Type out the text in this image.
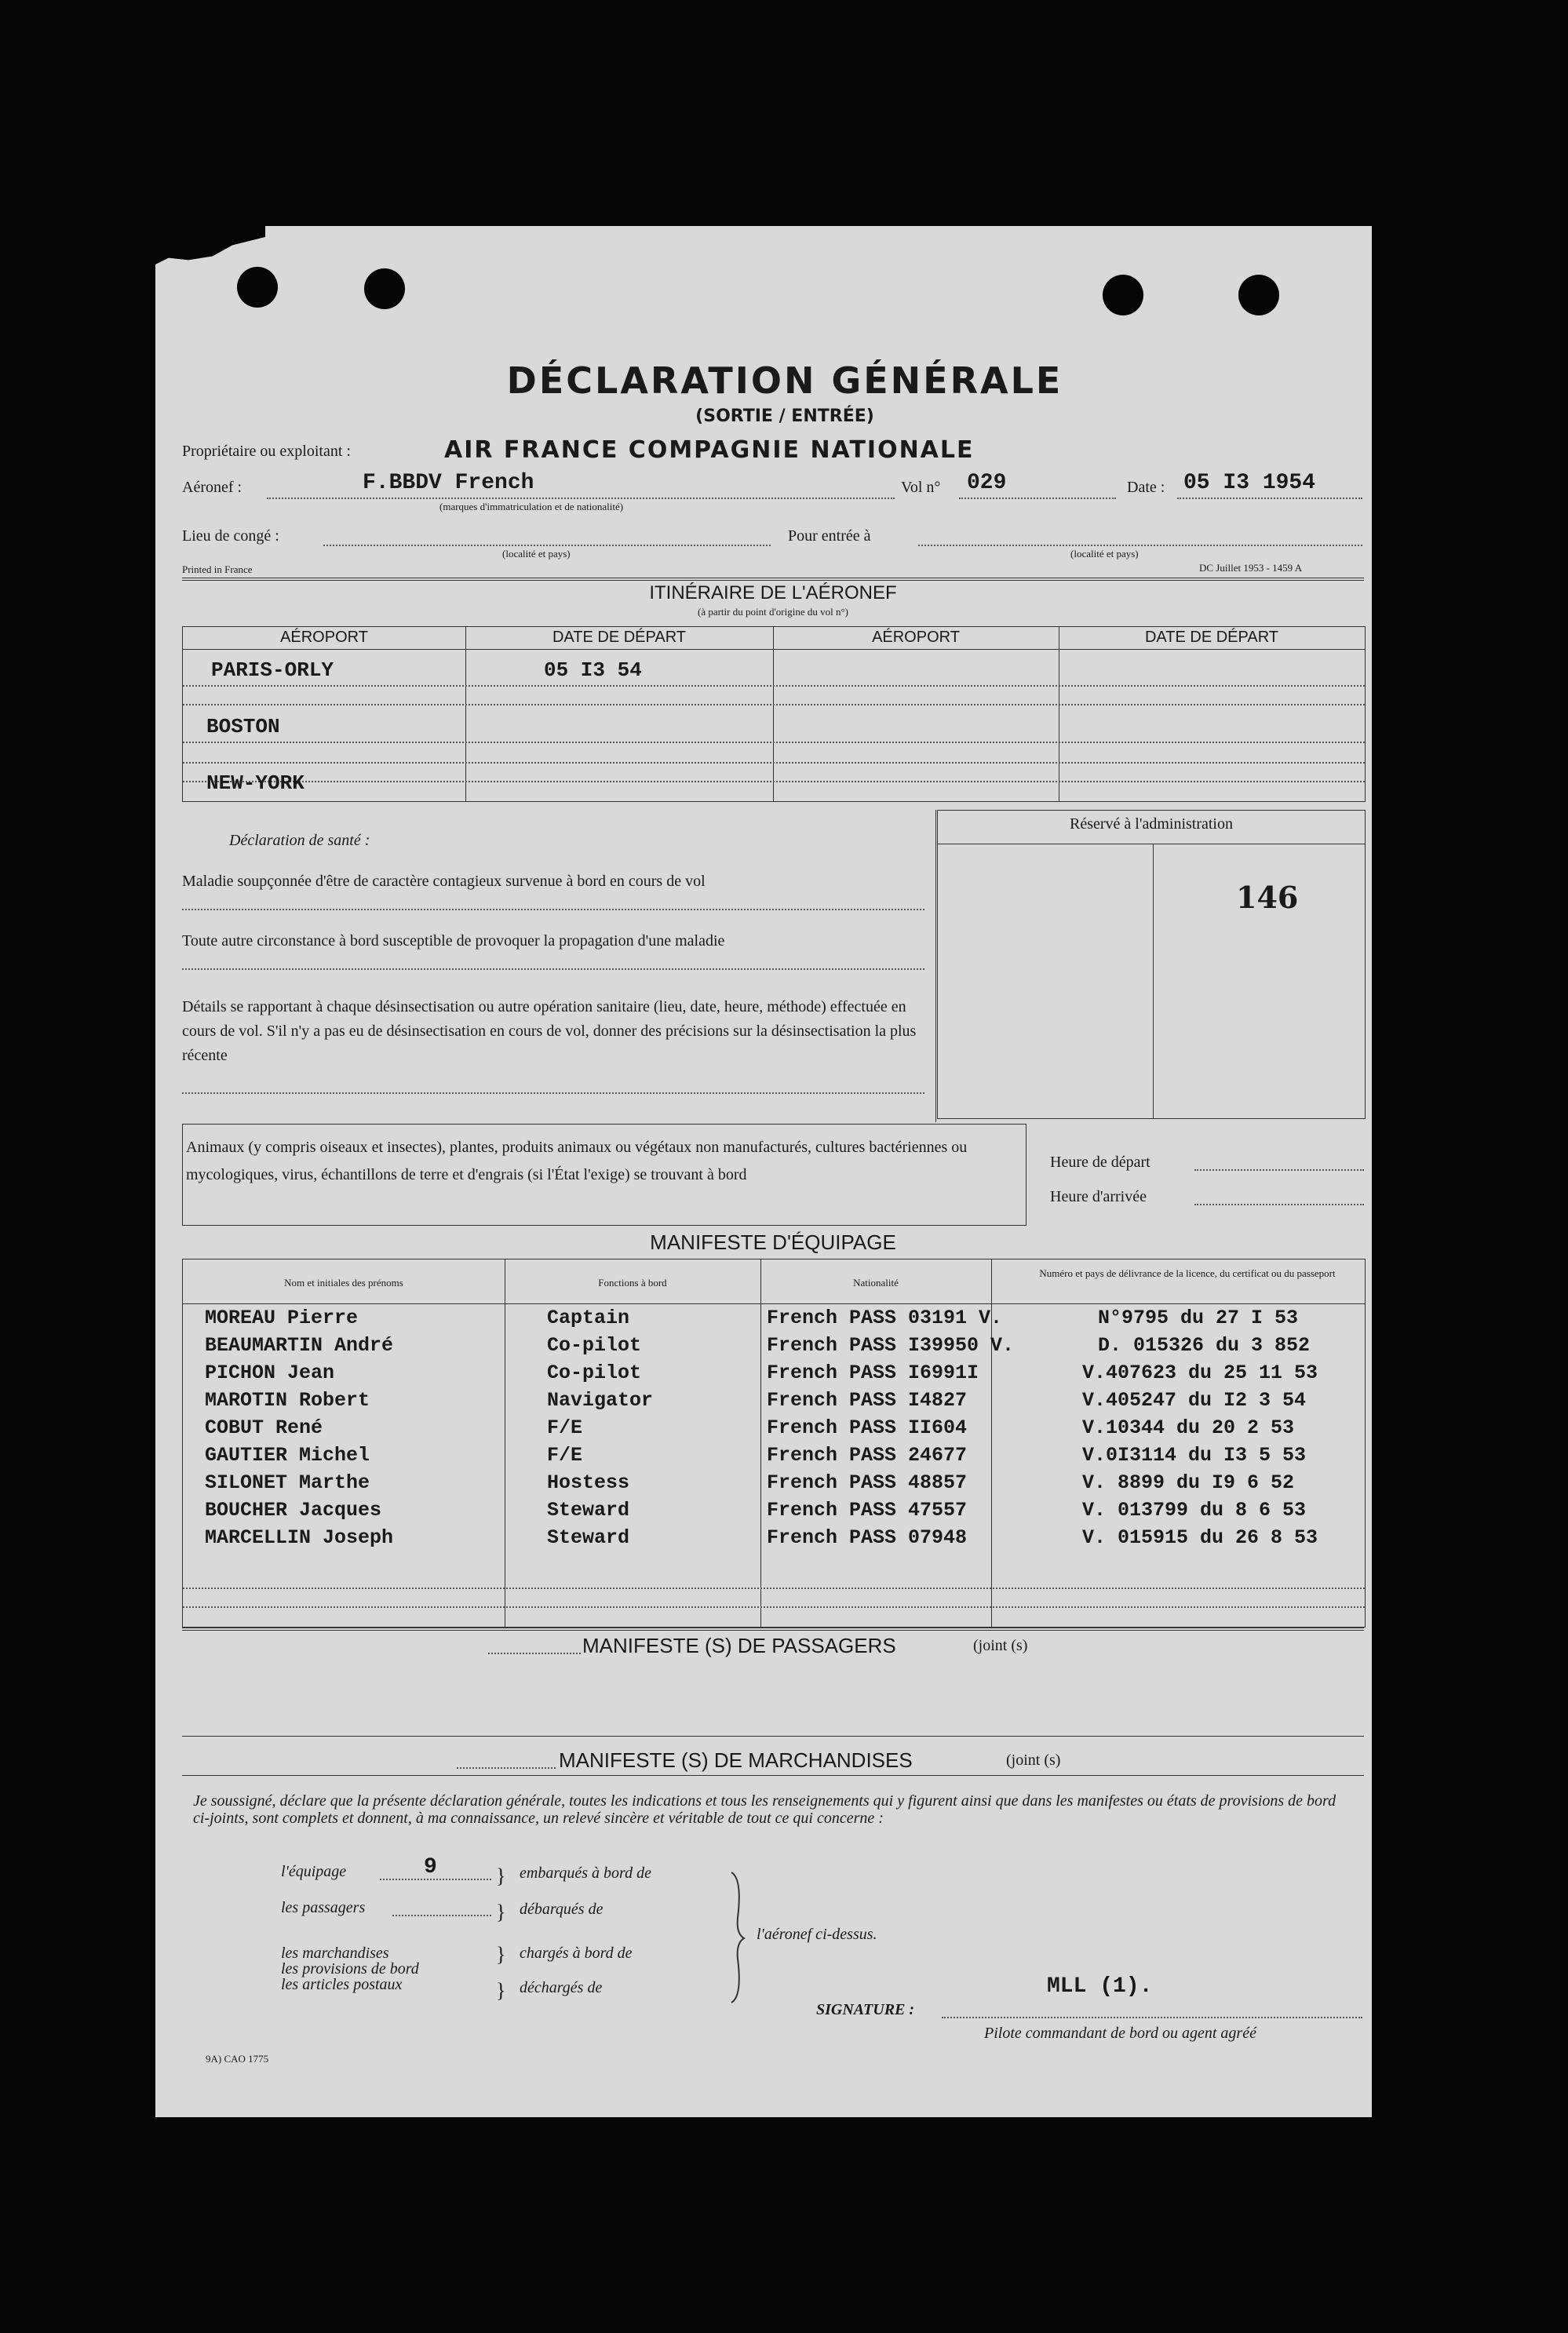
DÉCLARATION GÉNÉRALE
(SORTIE / ENTRÉE)
Propriétaire ou exploitant :	AIR FRANCE COMPAGNIE NATIONALE
Aéronef :	F.BBDV French
(marques d'immatriculation et de nationalité)
Vol n° 029	Date : 05 I3 1954
Lieu de congé :
(localité et pays)
Pour entrée à
(localité et pays)
Printed in France	DC Juillet 1953 - 1459 A
ITINÉRAIRE DE L'AÉRONEF
(à partir du point d'origine du vol n°)
AÉROPORT	DATE DE DÉPART	AÉROPORT	DATE DE DÉPART
PARIS-ORLY	05 I3 54
BOSTON
NEW-YORK
Déclaration de santé :
Maladie soupçonnée d'être de caractère contagieux survenue à bord en cours de vol
Toute autre circonstance à bord susceptible de provoquer la propagation d'une maladie
Détails se rapportant à chaque désinsectisation ou autre opération sanitaire (lieu, date, heure, méthode) effectuée en cours de vol. S'il n'y a pas eu de désinsectisation en cours de vol, donner des précisions sur la désinsectisation la plus récente
Réservé à l'administration
146
Animaux (y compris oiseaux et insectes), plantes, produits animaux ou végétaux non manufacturés, cultures bactériennes ou mycologiques, virus, échantillons de terre et d'engrais (si l'État l'exige) se trouvant à bord
Heure de départ
Heure d'arrivée
MANIFESTE D'ÉQUIPAGE
Nom et initiales des prénoms	Fonctions à bord	Nationalité
Numéro et pays de délivrance de la licence, du certificat ou du passeport
MOREAU Pierre	Captain	French PASS 03191 V.	N°9795 du 27 I 53
BEAUMARTIN André	Co-pilot	French PASS I39950 V.	D. 015326 du 3 852
PICHON Jean	Co-pilot	French PASS I6991I	V.407623 du 25 11 53
MAROTIN Robert	Navigator	French PASS I4827	V.405247 du I2 3 54
COBUT René	F/E	French PASS II604	V.10344 du 20 2 53
GAUTIER Michel	F/E	French PASS 24677	V.0I3114 du I3 5 53
SILONET Marthe	Hostess	French PASS 48857	V. 8899 du I9 6 52
BOUCHER Jacques	Steward	French PASS 47557	V. 013799 du 8 6 53
MARCELLIN Joseph	Steward	French PASS 07948	V. 015915 du 26 8 53
MANIFESTE (S) DE PASSAGERS	(joint (s)
MANIFESTE (S) DE MARCHANDISES	(joint (s)
Je soussigné, déclare que la présente déclaration générale, toutes les indications et tous les renseignements qui y figurent ainsi que dans les manifestes ou états de provisions de bord ci-joints, sont complets et donnent, à ma connaissance, un relevé sincère et véritable de tout ce qui concerne :
l'équipage	9
les passagers
les marchandises
les provisions de bord
les articles postaux
}
}
}
}
embarqués à bord de
débarqués de
chargés à bord de
déchargés de
l'aéronef ci-dessus.
SIGNATURE :
MLL (1).
Pilote commandant de bord ou agent agréé
9A) CAO 1775
